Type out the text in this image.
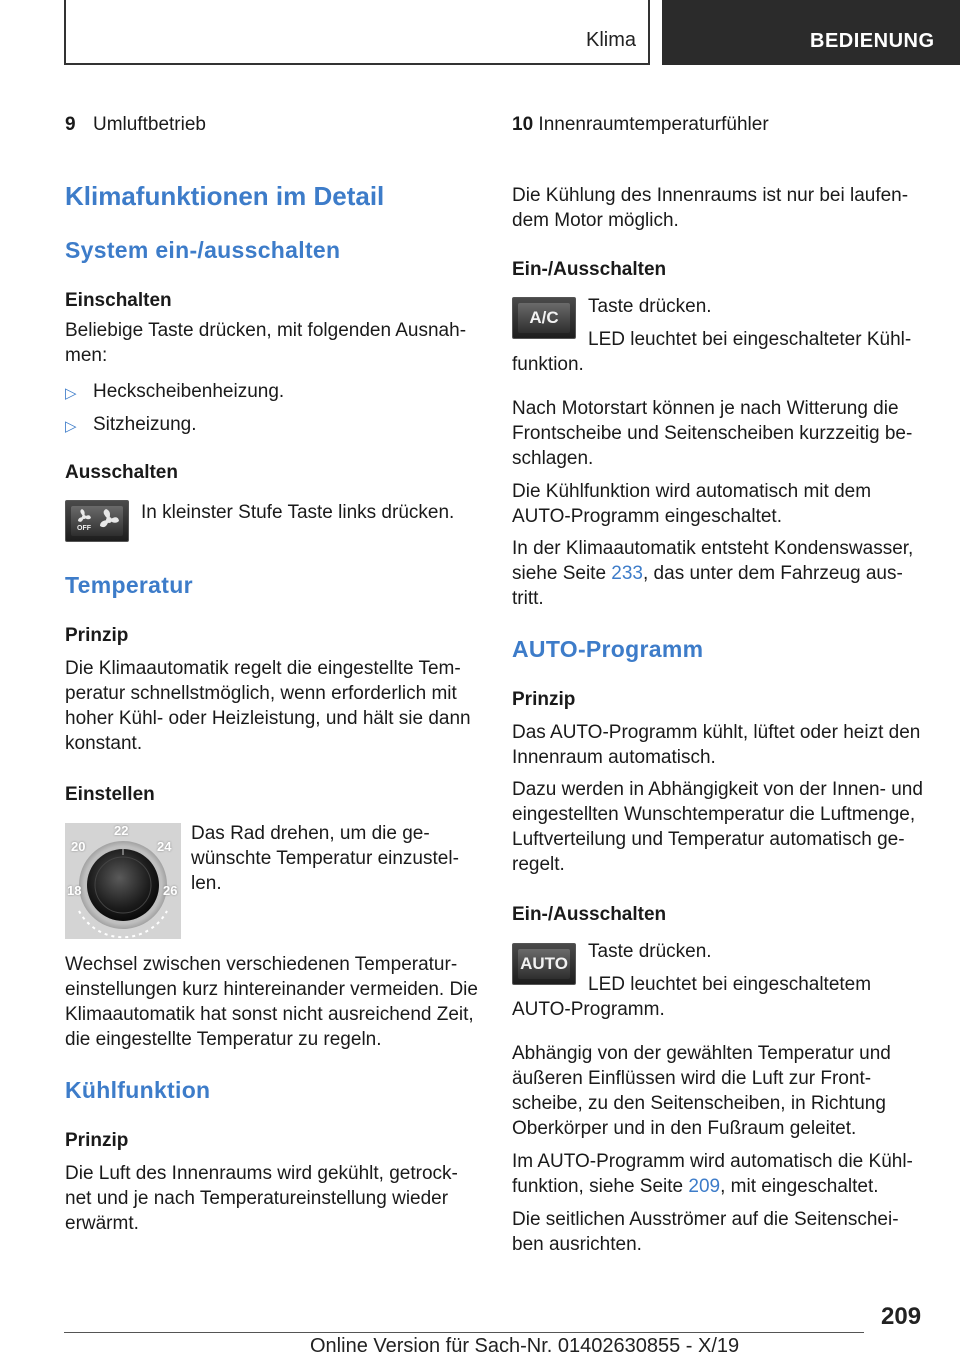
Klima	BEDIENUNG
9 Umluftbetrieb
Klimafunktionen im Detail
System ein-/ausschalten
Einschalten
Beliebige Taste drücken, mit folgenden Ausnah-
men:
▷ Heckscheibenheizung.
▷ Sitzheizung.
Ausschalten
OFF
In kleinster Stufe Taste links drücken.
Temperatur
Prinzip
Die Klimaautomatik regelt die eingestellte Tem-
peratur schnellstmöglich, wenn erforderlich mit
hoher Kühl- oder Heizleistung, und hält sie dann
konstant.
Einstellen
22
20	24
18	26
Das Rad drehen, um die ge-
wünschte Temperatur einzustel-
len.
Wechsel zwischen verschiedenen Temperatur-
einstellungen kurz hintereinander vermeiden. Die
Klimaautomatik hat sonst nicht ausreichend Zeit,
die eingestellte Temperatur zu regeln.
Kühlfunktion
Prinzip
Die Luft des Innenraums wird gekühlt, getrock-
net und je nach Temperatureinstellung wieder
erwärmt.
10 Innenraumtemperaturfühler
Die Kühlung des Innenraums ist nur bei laufen-
dem Motor möglich.
Ein-/Ausschalten
A/C
Taste drücken.
LED leuchtet bei eingeschalteter Kühl-
funktion.
Nach Motorstart können je nach Witterung die
Frontscheibe und Seitenscheiben kurzzeitig be-
schlagen.
Die Kühlfunktion wird automatisch mit dem
AUTO-Programm eingeschaltet.
In der Klimaautomatik entsteht Kondenswasser,
siehe Seite 233, das unter dem Fahrzeug aus-
tritt.
AUTO-Programm
Prinzip
Das AUTO-Programm kühlt, lüftet oder heizt den
Innenraum automatisch.
Dazu werden in Abhängigkeit von der Innen- und
eingestellten Wunschtemperatur die Luftmenge,
Luftverteilung und Temperatur automatisch ge-
regelt.
Ein-/Ausschalten
AUTO
Taste drücken.
LED leuchtet bei eingeschaltetem
AUTO-Programm.
Abhängig von der gewählten Temperatur und
äußeren Einflüssen wird die Luft zur Front-
scheibe, zu den Seitenscheiben, in Richtung
Oberkörper und in den Fußraum geleitet.
Im AUTO-Programm wird automatisch die Kühl-
funktion, siehe Seite 209, mit eingeschaltet.
Die seitlichen Ausströmer auf die Seitenschei-
ben ausrichten.
209
Online Version für Sach-Nr. 01402630855 - X/19
